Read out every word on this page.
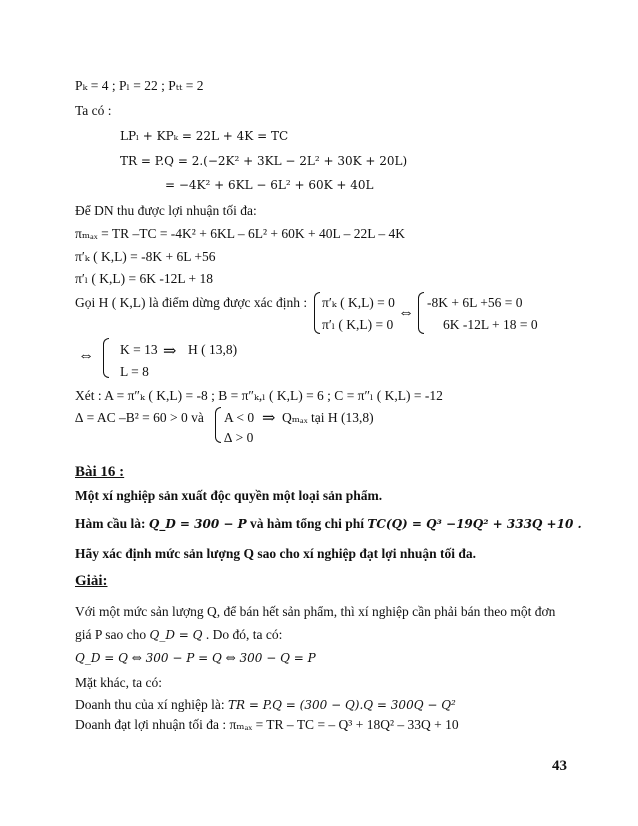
Pₖ = 4 ; Pₗ = 22 ; Pₜₜ = 2
Ta có :
LPₗ + KPₖ = 22L + 4K = TC
TR = P.Q = 2.(−2K² + 3KL − 2L² + 30K + 20L)
= −4K² + 6KL − 6L² + 60K + 40L
Để DN thu được lợi nhuận tối đa:
πₘₐₓ = TR –TC = -4K² + 6KL – 6L² + 60K + 40L – 22L – 4K
π′ₖ ( K,L) = -8K + 6L +56
π′ₗ ( K,L) = 6K -12L + 18
Gọi H ( K,L) là điểm dừng được xác định : π′ₖ ( K,L) = 0
π′ₗ ( K,L) = 0
⇔
-8K + 6L +56 = 0
6K -12L + 18 = 0
⇔ K = 13
L = 8
⇒ H ( 13,8)
Xét : A = π″ₖ ( K,L) = -8 ; B = π″ₖ,ₗ ( K,L) = 6 ; C = π″ₗ ( K,L) = -12
∆ = AC –B² = 60 > 0 và A < 0
∆ > 0
⇒ Qₘₐₓ tại H (13,8)
Bài 16 :
Một xí nghiệp sản xuất độc quyền một loại sản phẩm.
Hàm cầu là: Q_D = 300 − P và hàm tổng chi phí TC(Q) = Q³ −19Q² + 333Q +10 .
Hãy xác định mức sản lượng Q sao cho xí nghiệp đạt lợi nhuận tối đa.
Giải:
Với một mức sản lượng Q, để bán hết sản phẩm, thì xí nghiệp cần phải bán theo một đơn
giá P sao cho Q_D = Q . Do đó, ta có:
Q_D = Q ⇔ 300 − P = Q ⇔ 300 − Q = P
Mặt khác, ta có:
Doanh thu của xí nghiệp là: TR = P.Q = (300 − Q).Q = 300Q − Q²
Doanh đạt lợi nhuận tối đa : πₘₐₓ = TR – TC = – Q³ + 18Q² – 33Q + 10
43
